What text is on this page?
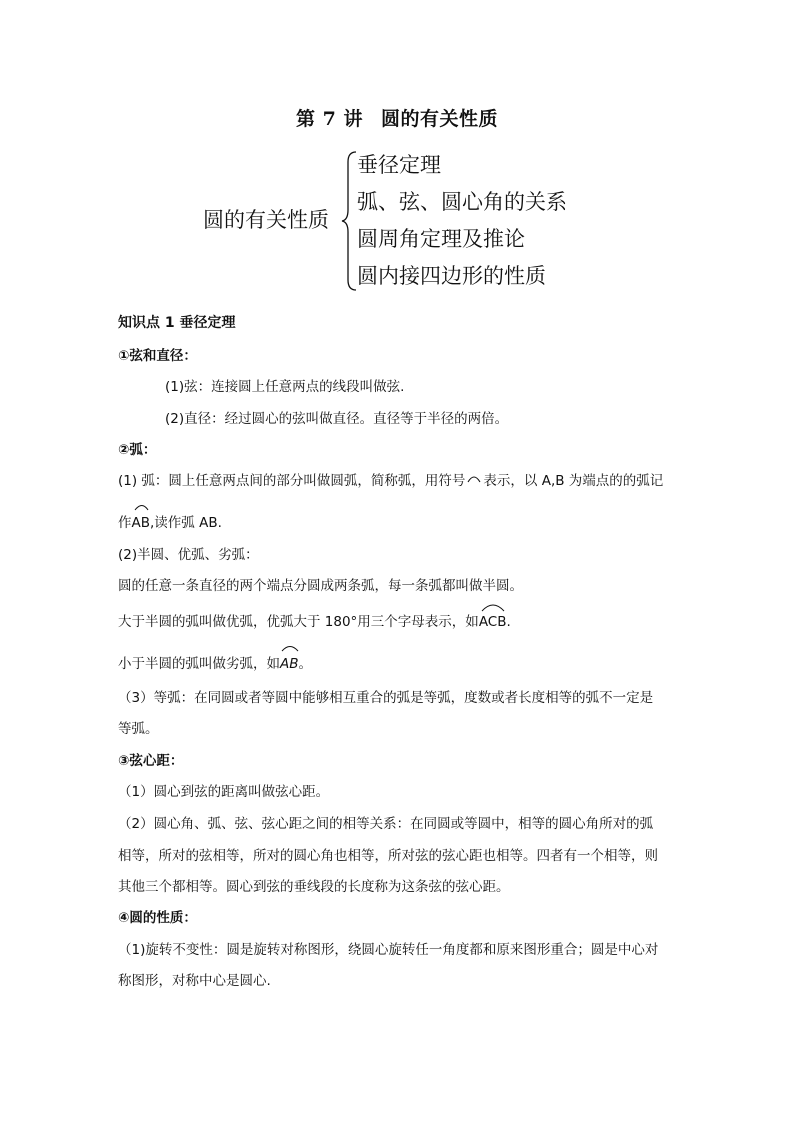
第 7 讲 圆的有关性质
圆的有关性质
垂径定理
弧、弦、圆心角的关系
圆周角定理及推论
圆内接四边形的性质
知识点 1 垂径定理
①弦和直径：
(1)弦：连接圆上任意两点的线段叫做弦.
(2)直径：经过圆心的弦叫做直径。直径等于半径的两倍。
②弧：
(1) 弧：圆上任意两点间的部分叫做圆弧，简称弧，用符号 表示，以 A,B 为端点的的弧记
作
AB,读作弧 AB.
(2)半圆、优弧、劣弧：
圆的任意一条直径的两个端点分圆成两条弧，每一条弧都叫做半圆。
大于半圆的弧叫做优弧，优弧大于 180°用三个字母表示，如
ACB.
小于半圆的弧叫做劣弧，如
AB。
（3）等弧：在同圆或者等圆中能够相互重合的弧是等弧，度数或者长度相等的弧不一定是
等弧。
③弦心距：
（1）圆心到弦的距离叫做弦心距。
（2）圆心角、弧、弦、弦心距之间的相等关系：在同圆或等圆中，相等的圆心角所对的弧
相等，所对的弦相等，所对的圆心角也相等，所对弦的弦心距也相等。四者有一个相等，则
其他三个都相等。圆心到弦的垂线段的长度称为这条弦的弦心距。
④圆的性质：
（1)旋转不变性：圆是旋转对称图形，绕圆心旋转任一角度都和原来图形重合；圆是中心对
称图形，对称中心是圆心.
